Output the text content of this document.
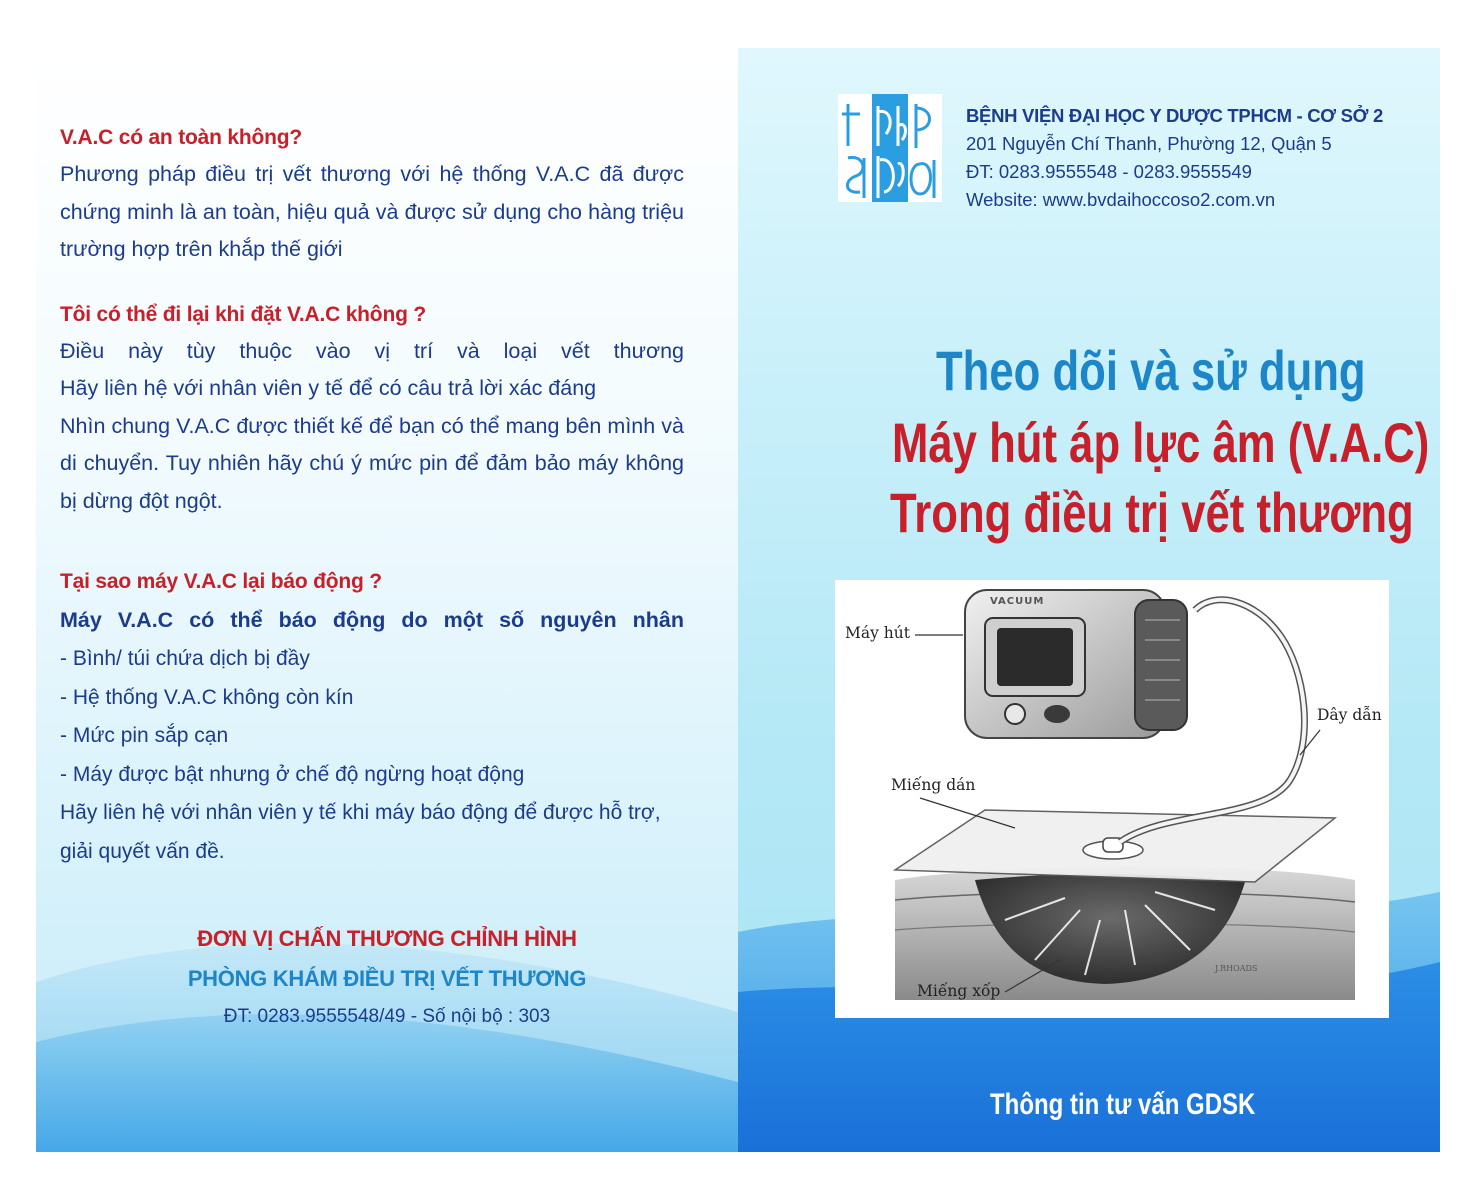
V.A.C có an toàn không?

Phương pháp điều trị vết thương với hệ thống V.A.C đã được chứng minh là an toàn, hiệu quả và được sử dụng cho hàng triệu trường hợp trên khắp thế giới

Tôi có thể đi lại khi đặt V.A.C không ?

Điều này tùy thuộc vào vị trí và loại vết thương

Hãy liên hệ với nhân viên y tế để có câu trả lời xác đáng

Nhìn chung V.A.C được thiết kế để bạn có thể mang bên mình và di chuyển. Tuy nhiên hãy chú ý mức pin để đảm bảo máy không bị dừng đột ngột.

Tại sao máy V.A.C lại báo động ?

Máy V.A.C có thể báo động do một số nguyên nhân

- Bình/ túi chứa dịch bị đầy

- Hệ thống V.A.C không còn kín

- Mức pin sắp cạn

- Máy được bật nhưng ở chế độ ngừng hoạt động

Hãy liên hệ với nhân viên y tế khi máy báo động để được hỗ trợ, giải quyết vấn đề.

ĐƠN VỊ CHẤN THƯƠNG CHỈNH HÌNH

PHÒNG KHÁM ĐIỀU TRỊ VẾT THƯƠNG

ĐT: 0283.9555548/49 - Số nội bộ : 303

BỆNH VIỆN ĐẠI HỌC Y DƯỢC TPHCM - CƠ SỞ 2

201 Nguyễn Chí Thanh, Phường 12, Quận 5

ĐT: 0283.9555548 - 0283.9555549

Website: www.bvdaihoccoso2.com.vn

Theo dõi và sử dụng

Máy hút áp lực âm (V.A.C)

Trong điều trị vết thương

Máy hút
VACUUM
Dây dẫn
Miếng dán
Miếng xốp
J.RHOADS

Thông tin tư vấn GDSK
